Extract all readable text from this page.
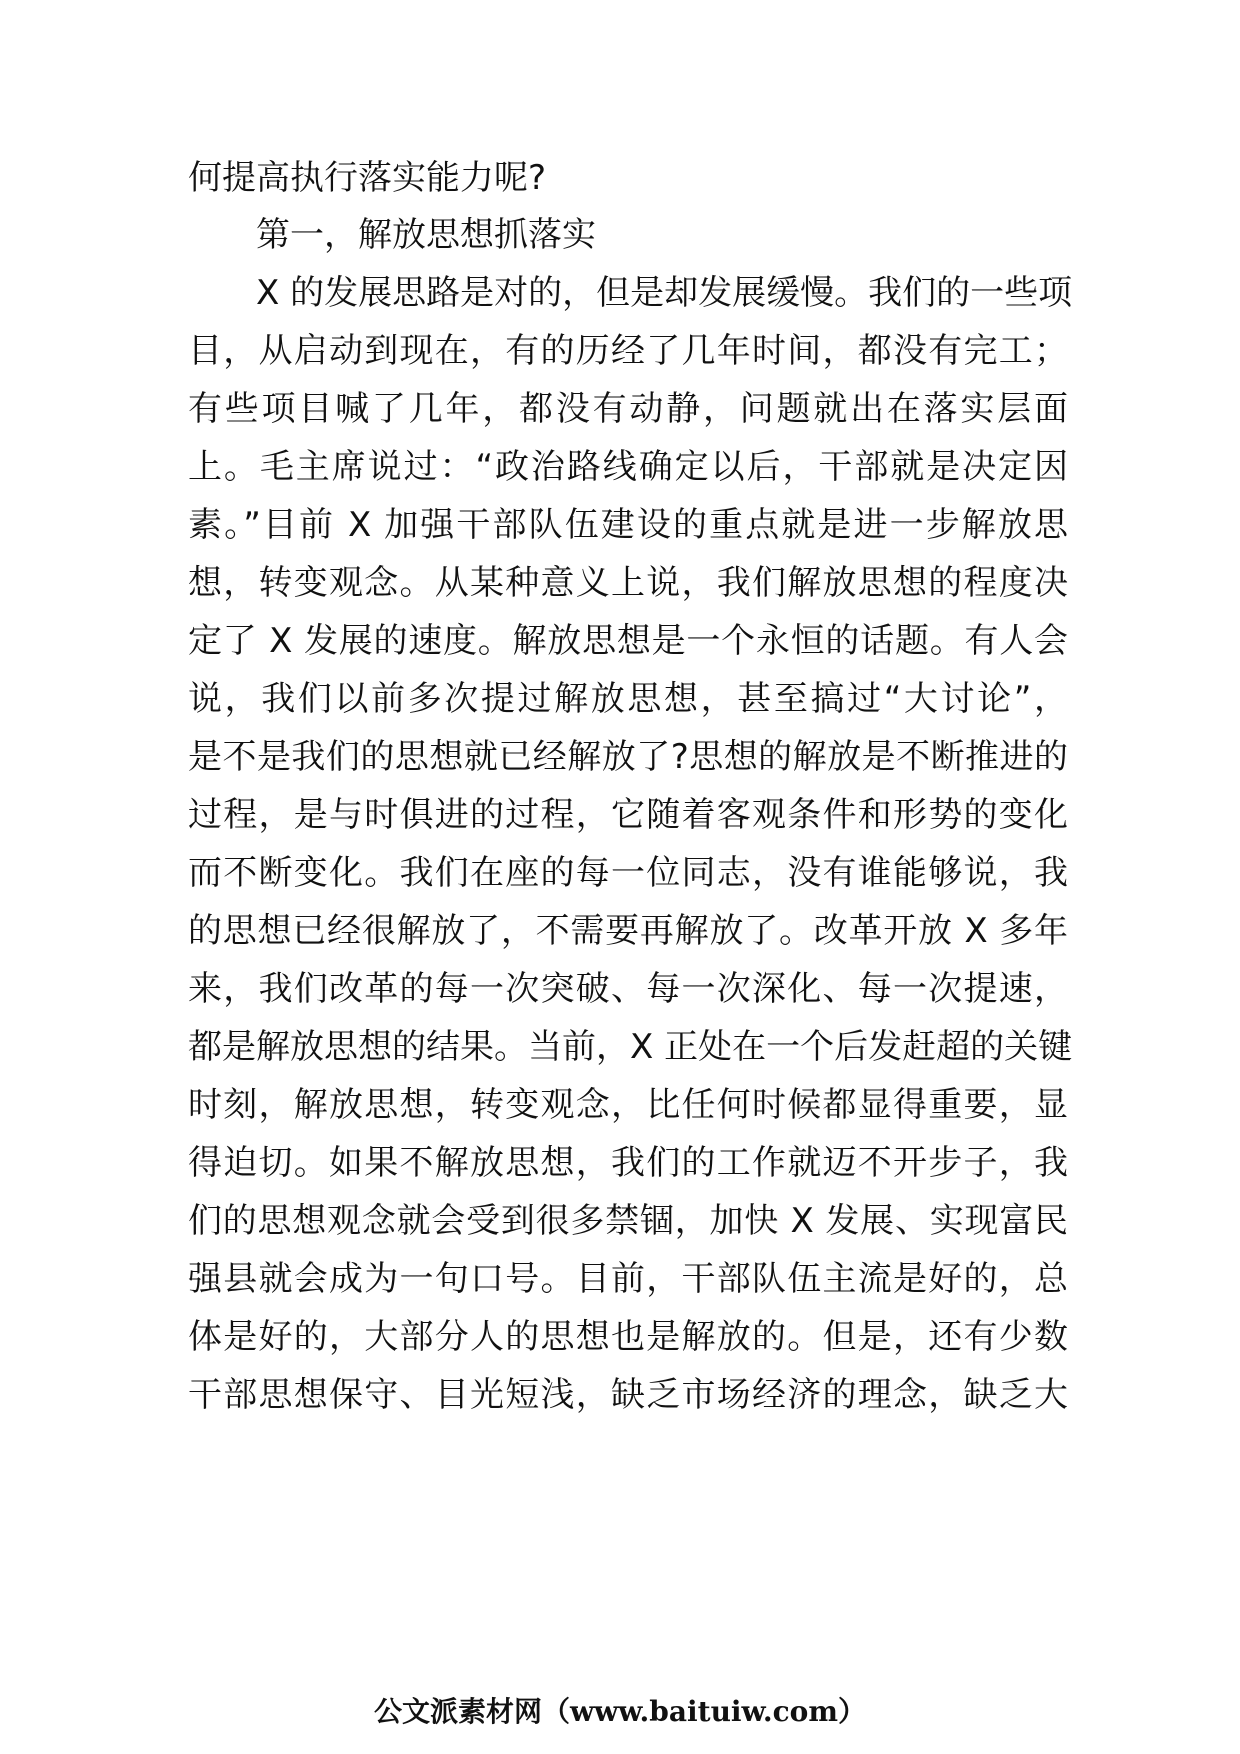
何提高执行落实能力呢?
第一，解放思想抓落实
X 的发展思路是对的，但是却发展缓慢。我们的一些项
目，从启动到现在，有的历经了几年时间，都没有完工；
有些项目喊了几年，都没有动静，问题就出在落实层面
上。毛主席说过：“政治路线确定以后，干部就是决定因
素。”目前 X 加强干部队伍建设的重点就是进一步解放思
想，转变观念。从某种意义上说，我们解放思想的程度决
定了 X 发展的速度。解放思想是一个永恒的话题。有人会
说，我们以前多次提过解放思想，甚至搞过“大讨论”，
是不是我们的思想就已经解放了?思想的解放是不断推进的
过程，是与时俱进的过程，它随着客观条件和形势的变化
而不断变化。我们在座的每一位同志，没有谁能够说，我
的思想已经很解放了，不需要再解放了。改革开放 X 多年
来，我们改革的每一次突破、每一次深化、每一次提速，
都是解放思想的结果。当前，X 正处在一个后发赶超的关键
时刻，解放思想，转变观念，比任何时候都显得重要，显
得迫切。如果不解放思想，我们的工作就迈不开步子，我
们的思想观念就会受到很多禁锢，加快 X 发展、实现富民
强县就会成为一句口号。目前，干部队伍主流是好的，总
体是好的，大部分人的思想也是解放的。但是，还有少数
干部思想保守、目光短浅，缺乏市场经济的理念，缺乏大
公文派素材网（www.baituiw.com）
